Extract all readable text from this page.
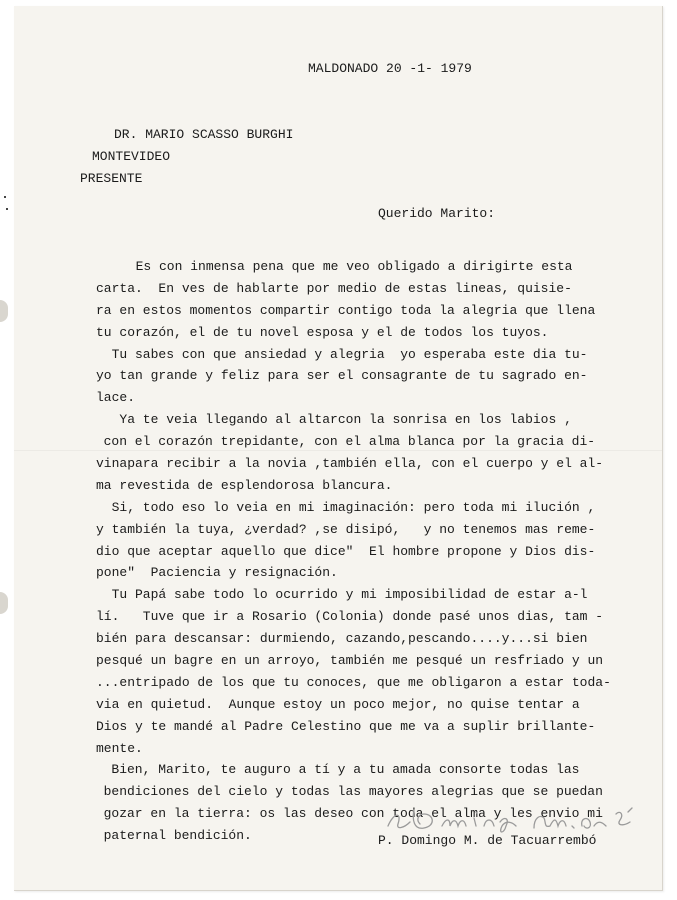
MALDONADO 20 -1- 1979
DR. MARIO SCASSO BURGHI
MONTEVIDEO
PRESENTE
Querido Marito:
Es con inmensa pena que me veo obligado a dirigirte esta
carta.  En ves de hablarte por medio de estas lineas, quisie-
ra en estos momentos compartir contigo toda la alegria que llena
tu corazón, el de tu novel esposa y el de todos los tuyos.
Tu sabes con que ansiedad y alegria  yo esperaba este dia tu-
yo tan grande y feliz para ser el consagrante de tu sagrado en-
lace.
Ya te veia llegando al altarcon la sonrisa en los labios ,
con el corazón trepidante, con el alma blanca por la gracia di-
vinapara recibir a la novia ,también ella, con el cuerpo y el al-
ma revestida de esplendorosa blancura.
Si, todo eso lo veia en mi imaginación: pero toda mi ilución ,
y también la tuya, ¿verdad? ,se disipó,   y no tenemos mas reme-
dio que aceptar aquello que dice"  El hombre propone y Dios dis-
pone"  Paciencia y resignación.
Tu Papá sabe todo lo ocurrido y mi imposibilidad de estar a-l
lí.   Tuve que ir a Rosario (Colonia) donde pasé unos dias, tam -
bién para descansar: durmiendo, cazando,pescando....y...si bien
pesqué un bagre en un arroyo, también me pesqué un resfriado y un
...entripado de los que tu conoces, que me obligaron a estar toda-
via en quietud.  Aunque estoy un poco mejor, no quise tentar a
Dios y te mandé al Padre Celestino que me va a suplir brillante-
mente.
Bien, Marito, te auguro a tí y a tu amada consorte todas las
bendiciones del cielo y todas las mayores alegrias que se puedan
gozar en la tierra: os las deseo con toda el alma y les envio mi
paternal bendición.	P. Domingo M. de Tacuarrembó
